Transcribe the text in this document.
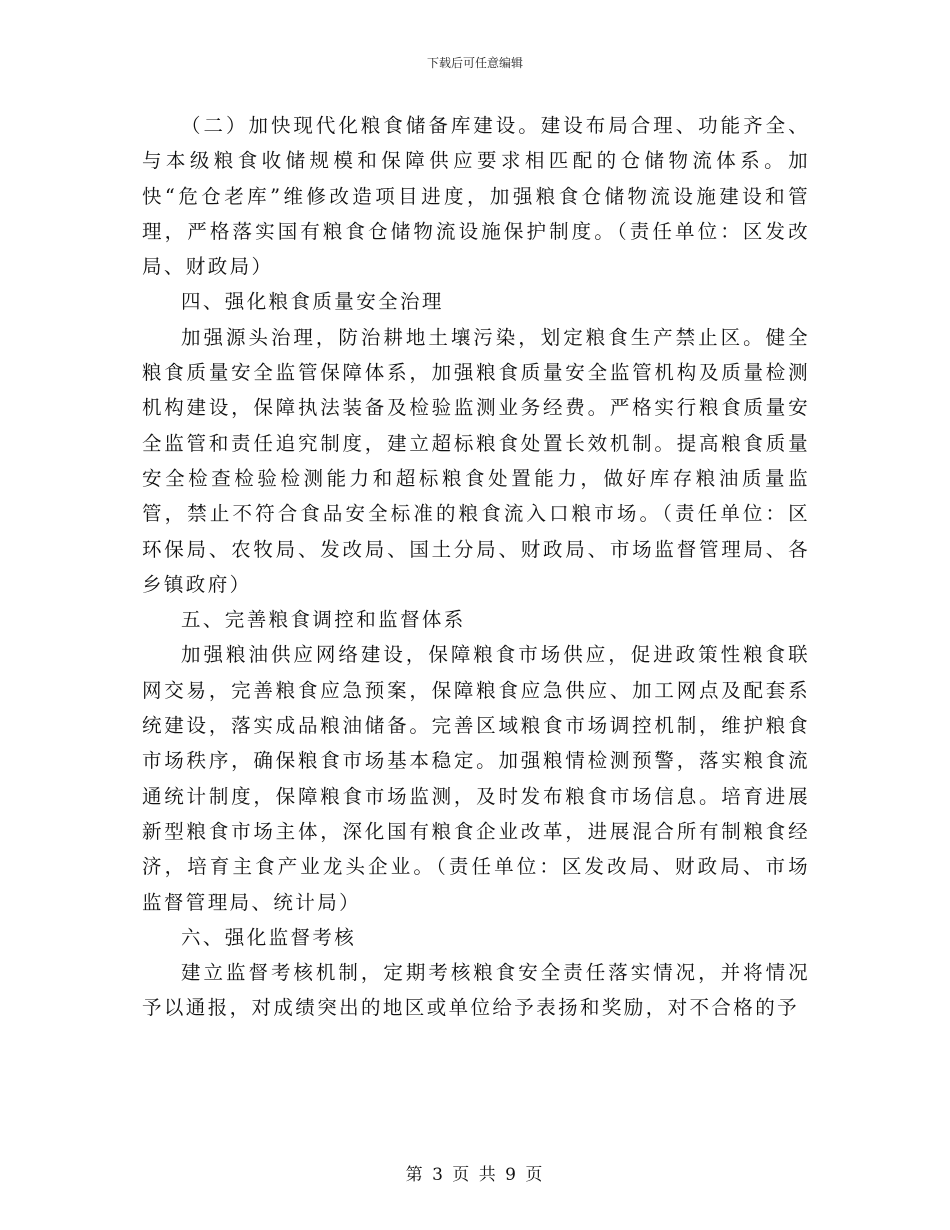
下载后可任意编辑

（二）加快现代化粮食储备库建设。建设布局合理、功能齐全、与本级粮食收储规模和保障供应要求相匹配的仓储物流体系。加快“危仓老库”维修改造项目进度，加强粮食仓储物流设施建设和管理，严格落实国有粮食仓储物流设施保护制度。（责任单位：区发改局、财政局）

四、强化粮食质量安全治理

加强源头治理，防治耕地土壤污染，划定粮食生产禁止区。健全粮食质量安全监管保障体系，加强粮食质量安全监管机构及质量检测机构建设，保障执法装备及检验监测业务经费。严格实行粮食质量安全监管和责任追究制度，建立超标粮食处置长效机制。提高粮食质量安全检查检验检测能力和超标粮食处置能力，做好库存粮油质量监管，禁止不符合食品安全标准的粮食流入口粮市场。（责任单位：区环保局、农牧局、发改局、国土分局、财政局、市场监督管理局、各乡镇政府）

五、完善粮食调控和监督体系

加强粮油供应网络建设，保障粮食市场供应，促进政策性粮食联网交易，完善粮食应急预案，保障粮食应急供应、加工网点及配套系统建设，落实成品粮油储备。完善区域粮食市场调控机制，维护粮食市场秩序，确保粮食市场基本稳定。加强粮情检测预警，落实粮食流通统计制度，保障粮食市场监测，及时发布粮食市场信息。培育进展新型粮食市场主体，深化国有粮食企业改革，进展混合所有制粮食经济，培育主食产业龙头企业。（责任单位：区发改局、财政局、市场监督管理局、统计局）

六、强化监督考核

建立监督考核机制，定期考核粮食安全责任落实情况，并将情况予以通报，对成绩突出的地区或单位给予表扬和奖励，对不合格的予

第 3 页 共 9 页
